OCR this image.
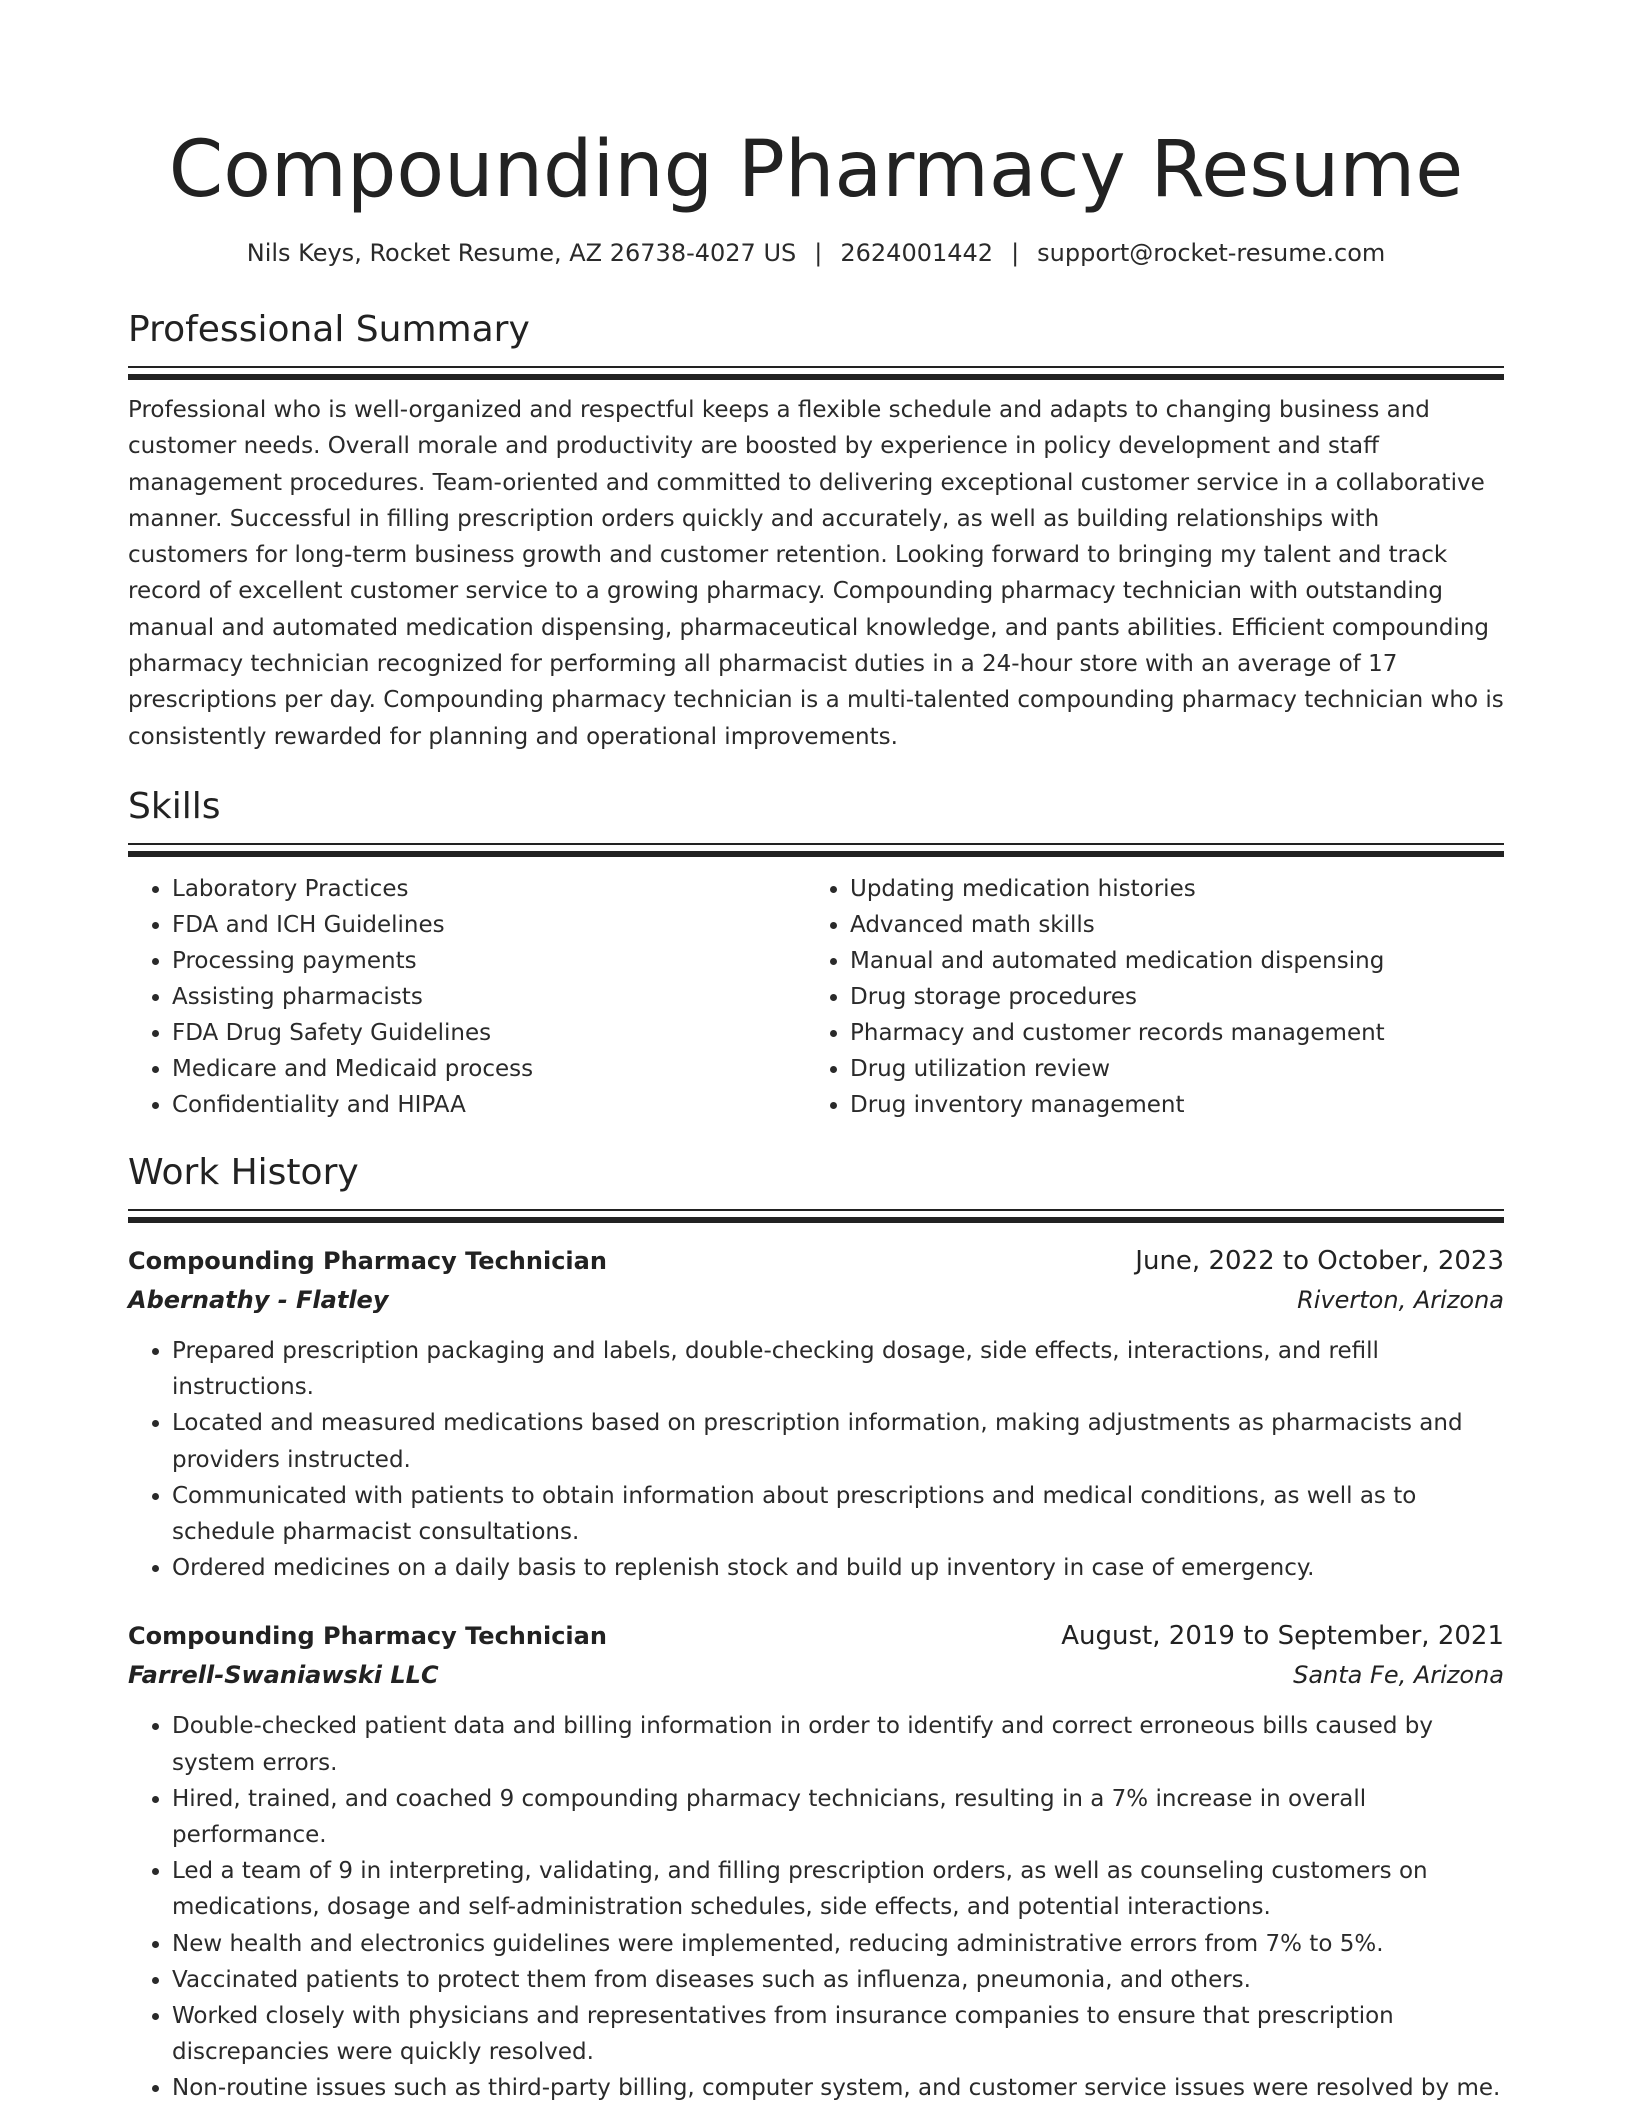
Compounding Pharmacy Resume
Nils Keys, Rocket Resume, AZ 26738-4027 US | 2624001442 | support@rocket-resume.com
Professional Summary

Professional who is well-organized and respectful keeps a flexible schedule and adapts to changing business and customer needs. Overall morale and productivity are boosted by experience in policy development and staff management procedures. Team-oriented and committed to delivering exceptional customer service in a collaborative manner. Successful in filling prescription orders quickly and accurately, as well as building relationships with customers for long-term business growth and customer retention. Looking forward to bringing my talent and track record of excellent customer service to a growing pharmacy. Compounding pharmacy technician with outstanding manual and automated medication dispensing, pharmaceutical knowledge, and pants abilities. Efficient compounding pharmacy technician recognized for performing all pharmacist duties in a 24-hour store with an average of 17 prescriptions per day. Compounding pharmacy technician is a multi-talented compounding pharmacy technician who is consistently rewarded for planning and operational improvements.

Skills
• Laboratory Practices
• FDA and ICH Guidelines
• Processing payments
• Assisting pharmacists
• FDA Drug Safety Guidelines
• Medicare and Medicaid process
• Confidentiality and HIPAA
• Updating medication histories
• Advanced math skills
• Manual and automated medication dispensing
• Drug storage procedures
• Pharmacy and customer records management
• Drug utilization review
• Drug inventory management
Work History
Compounding Pharmacy Technician	June, 2022 to October, 2023
Abernathy - Flatley	Riverton, Arizona
• Prepared prescription packaging and labels, double-checking dosage, side effects, interactions, and refill instructions.
• Located and measured medications based on prescription information, making adjustments as pharmacists and providers instructed.
• Communicated with patients to obtain information about prescriptions and medical conditions, as well as to schedule pharmacist consultations.
• Ordered medicines on a daily basis to replenish stock and build up inventory in case of emergency.
Compounding Pharmacy Technician	August, 2019 to September, 2021
Farrell-Swaniawski LLC	Santa Fe, Arizona
• Double-checked patient data and billing information in order to identify and correct erroneous bills caused by system errors.
• Hired, trained, and coached 9 compounding pharmacy technicians, resulting in a 7% increase in overall performance.
• Led a team of 9 in interpreting, validating, and filling prescription orders, as well as counseling customers on medications, dosage and self-administration schedules, side effects, and potential interactions.
• New health and electronics guidelines were implemented, reducing administrative errors from 7% to 5%.
• Vaccinated patients to protect them from diseases such as influenza, pneumonia, and others.
• Worked closely with physicians and representatives from insurance companies to ensure that prescription discrepancies were quickly resolved.
• Non-routine issues such as third-party billing, computer system, and customer service issues were resolved by me.
